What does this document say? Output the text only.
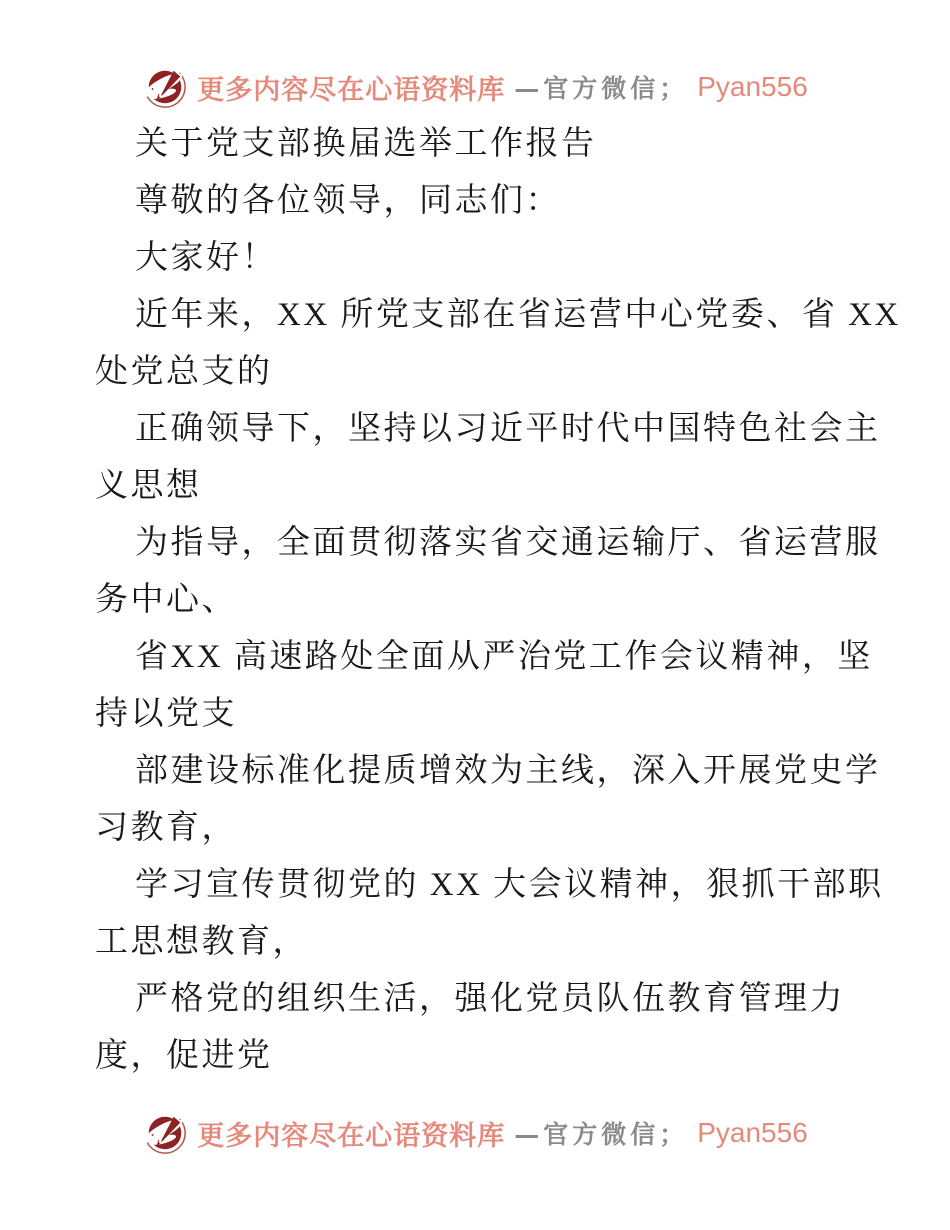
更多内容尽在心语资料库 —官方微信； Pyan556
关于党支部换届选举工作报告
尊敬的各位领导，同志们：
大家好！
近年来，XX 所党支部在省运营中心党委、省 XX
处党总支的
正确领导下，坚持以习近平时代中国特色社会主
义思想
为指导，全面贯彻落实省交通运输厅、省运营服
务中心、
省XX 高速路处全面从严治党工作会议精神，坚
持以党支
部建设标准化提质增效为主线，深入开展党史学
习教育，
学习宣传贯彻党的 XX 大会议精神，狠抓干部职
工思想教育，
严格党的组织生活，强化党员队伍教育管理力
度，促进党
更多内容尽在心语资料库 —官方微信； Pyan556
